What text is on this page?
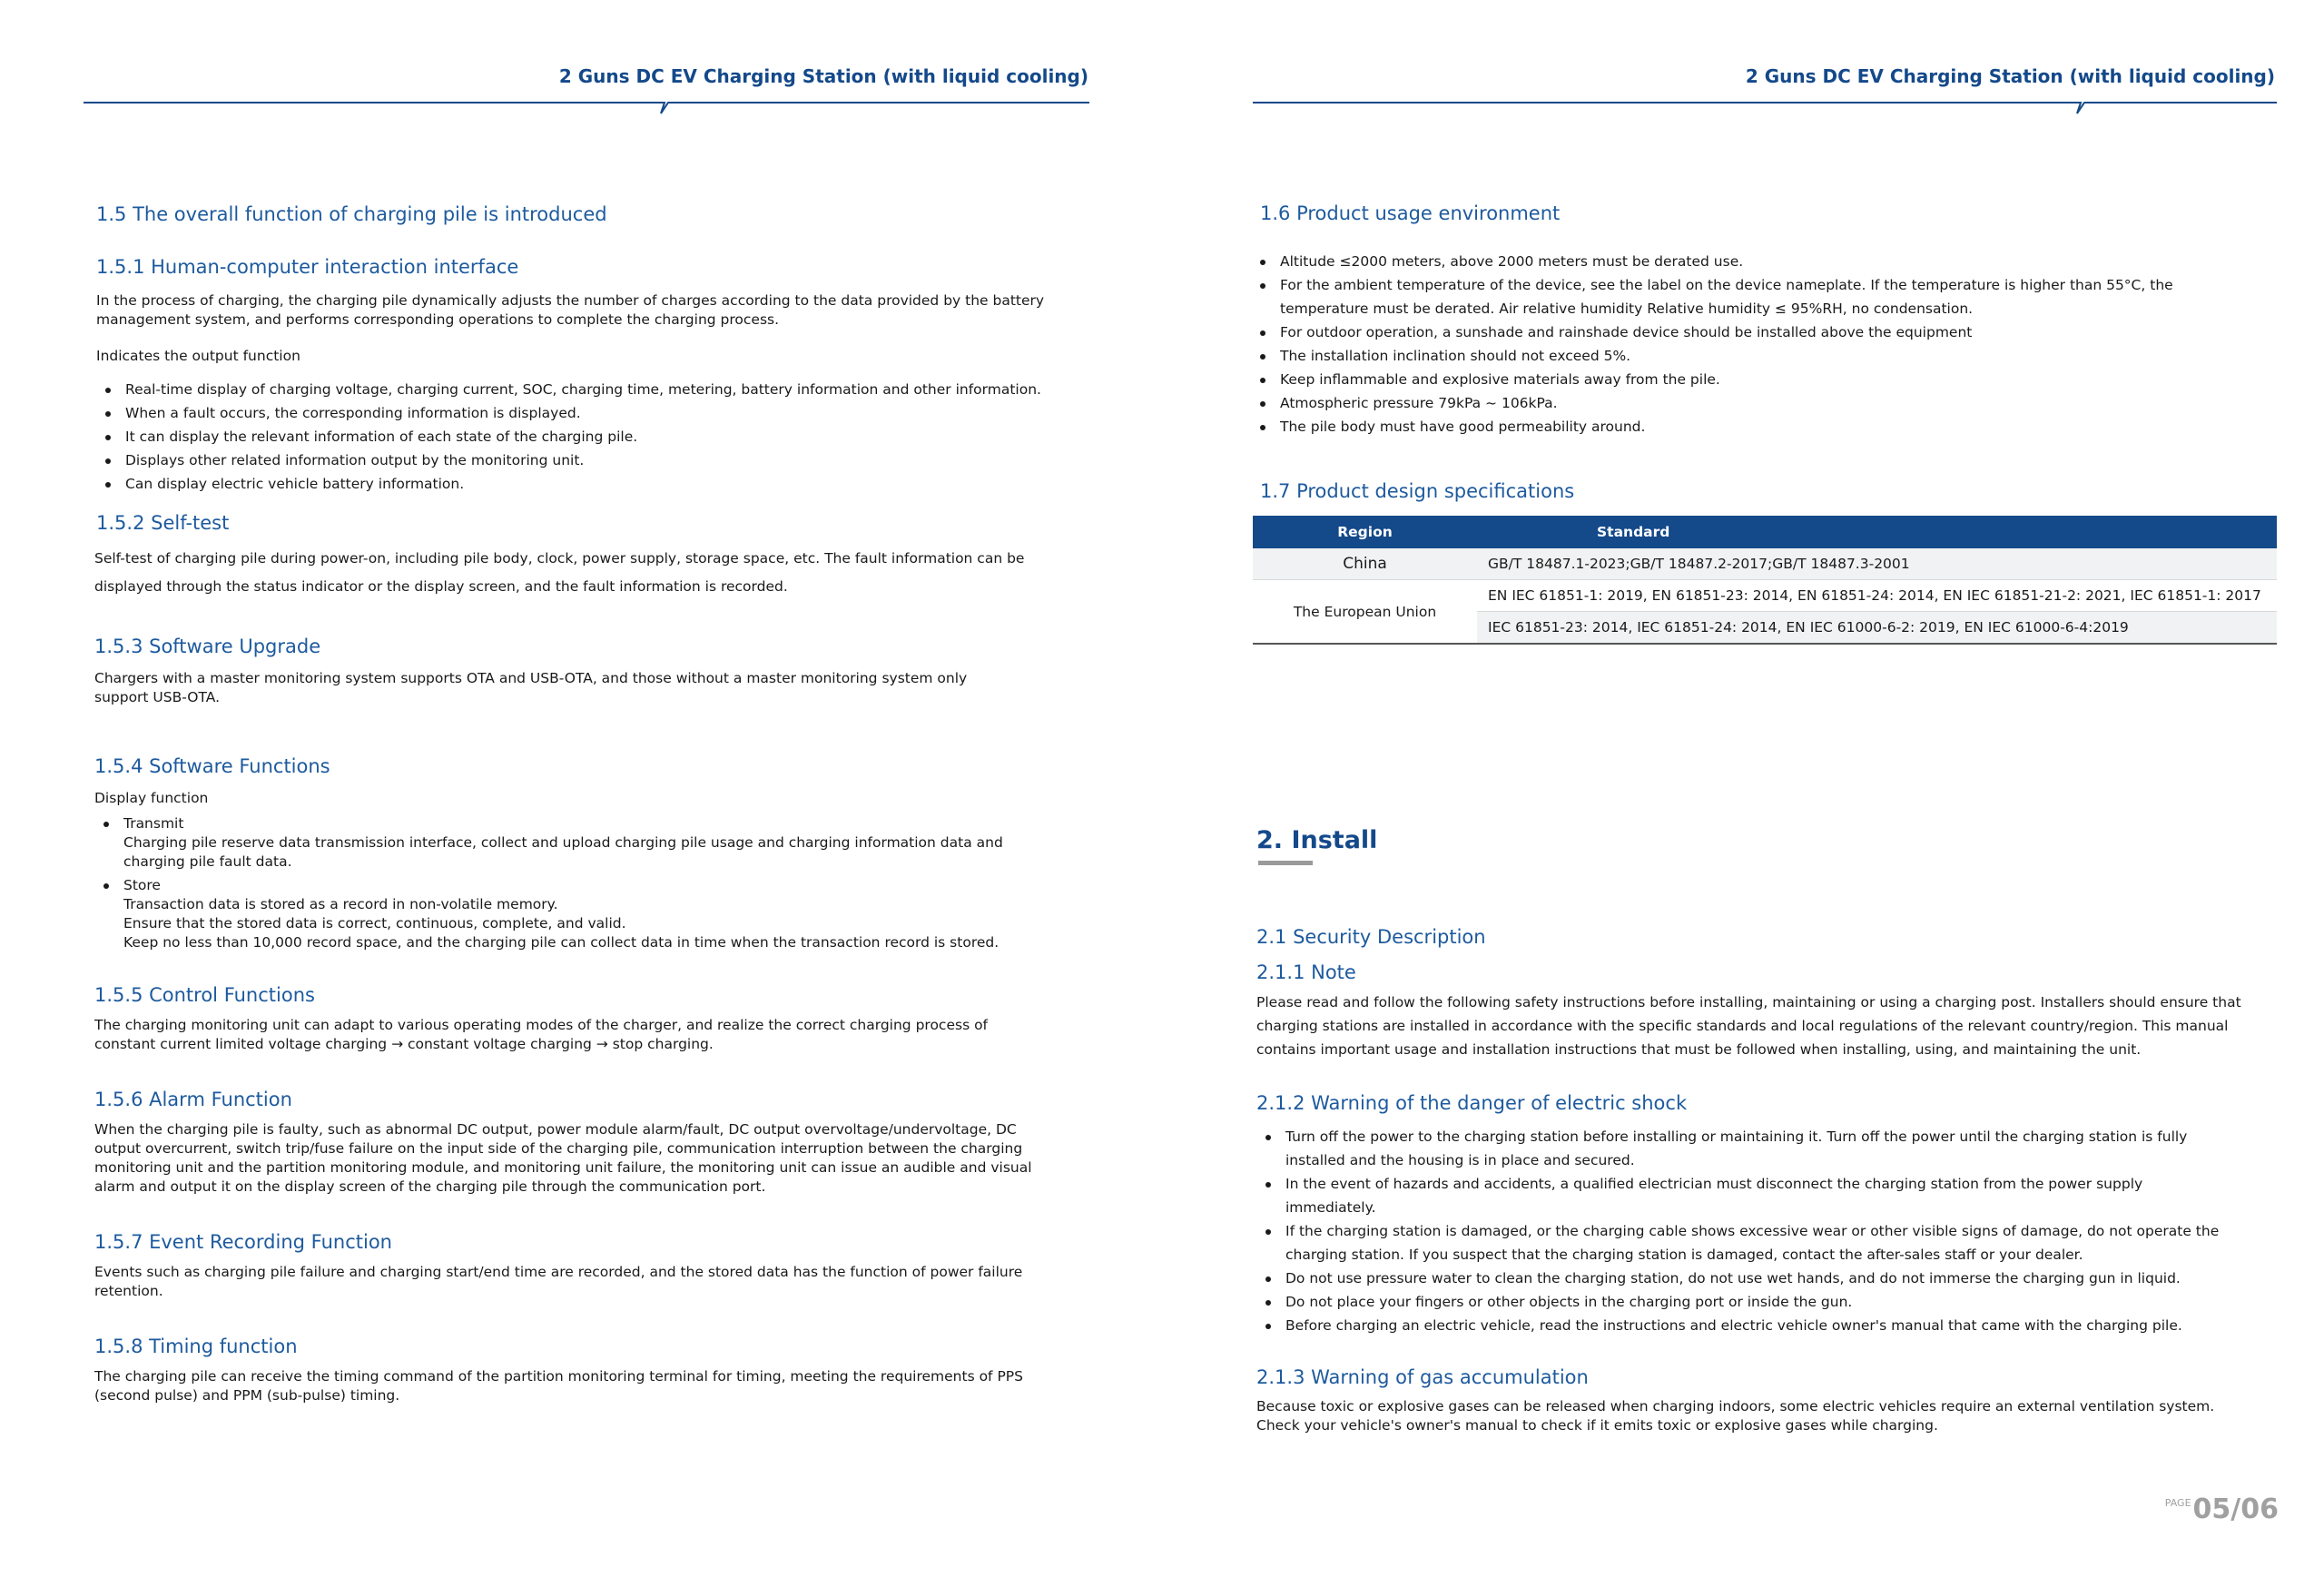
2 Guns DC EV Charging Station (with liquid cooling)
1.5 The overall function of charging pile is introduced
1.5.1 Human-computer interaction interface

In the process of charging, the charging pile dynamically adjusts the number of charges according to the data provided by the battery management system, and performs corresponding operations to complete the charging process.

Indicates the output function

Real-time display of charging voltage, charging current, SOC, charging time, metering, battery information and other information.
When a fault occurs, the corresponding information is displayed.
It can display the relevant information of each state of the charging pile.
Displays other related information output by the monitoring unit.
Can display electric vehicle battery information.
1.5.2 Self-test

Self-test of charging pile during power-on, including pile body, clock, power supply, storage space, etc. The fault information can be displayed through the status indicator or the display screen, and the fault information is recorded.

1.5.3 Software Upgrade

Chargers with a master monitoring system supports OTA and USB-OTA, and those without a master monitoring system only support USB-OTA.

1.5.4 Software Functions

Display function

Transmit
Charging pile reserve data transmission interface, collect and upload charging pile usage and charging information data and charging pile fault data.
Store
Transaction data is stored as a record in non-volatile memory.
Ensure that the stored data is correct, continuous, complete, and valid.
Keep no less than 10,000 record space, and the charging pile can collect data in time when the transaction record is stored.
1.5.5 Control Functions

The charging monitoring unit can adapt to various operating modes of the charger, and realize the correct charging process of constant current limited voltage charging → constant voltage charging → stop charging.

1.5.6 Alarm Function

When the charging pile is faulty, such as abnormal DC output, power module alarm/fault, DC output overvoltage/undervoltage, DC output overcurrent, switch trip/fuse failure on the input side of the charging pile, communication interruption between the charging monitoring unit and the partition monitoring module, and monitoring unit failure, the monitoring unit can issue an audible and visual alarm and output it on the display screen of the charging pile through the communication port.

1.5.7 Event Recording Function

Events such as charging pile failure and charging start/end time are recorded, and the stored data has the function of power failure retention.

1.5.8 Timing function

The charging pile can receive the timing command of the partition monitoring terminal for timing, meeting the requirements of PPS (second pulse) and PPM (sub-pulse) timing.

2 Guns DC EV Charging Station (with liquid cooling)
1.6 Product usage environment
Altitude ≤2000 meters, above 2000 meters must be derated use.
For the ambient temperature of the device, see the label on the device nameplate. If the temperature is higher than 55°C, the temperature must be derated. Air relative humidity Relative humidity ≤ 95%RH, no condensation.
For outdoor operation, a sunshade and rainshade device should be installed above the equipment
The installation inclination should not exceed 5%.
Keep inflammable and explosive materials away from the pile.
Atmospheric pressure 79kPa ~ 106kPa.
The pile body must have good permeability around.
1.7 Product design specifications
Region	Standard
China	GB/T 18487.1-2023;GB/T 18487.2-2017;GB/T 18487.3-2001
The European Union	EN IEC 61851-1: 2019, EN 61851-23: 2014, EN 61851-24: 2014, EN IEC 61851-21-2: 2021, IEC 61851-1: 2017
	IEC 61851-23: 2014, IEC 61851-24: 2014, EN IEC 61000-6-2: 2019, EN IEC 61000-6-4:2019
2. Install
2.1 Security Description
2.1.1 Note

Please read and follow the following safety instructions before installing, maintaining or using a charging post. Installers should ensure that charging stations are installed in accordance with the specific standards and local regulations of the relevant country/region. This manual contains important usage and installation instructions that must be followed when installing, using, and maintaining the unit.

2.1.2 Warning of the danger of electric shock
Turn off the power to the charging station before installing or maintaining it. Turn off the power until the charging station is fully installed and the housing is in place and secured.
In the event of hazards and accidents, a qualified electrician must disconnect the charging station from the power supply immediately.
If the charging station is damaged, or the charging cable shows excessive wear or other visible signs of damage, do not operate the charging station. If you suspect that the charging station is damaged, contact the after-sales staff or your dealer.
Do not use pressure water to clean the charging station, do not use wet hands, and do not immerse the charging gun in liquid.
Do not place your fingers or other objects in the charging port or inside the gun.
Before charging an electric vehicle, read the instructions and electric vehicle owner's manual that came with the charging pile.
2.1.3 Warning of gas accumulation

Because toxic or explosive gases can be released when charging indoors, some electric vehicles require an external ventilation system. Check your vehicle's owner's manual to check if it emits toxic or explosive gases while charging.

$^{PAGE}$05/06
